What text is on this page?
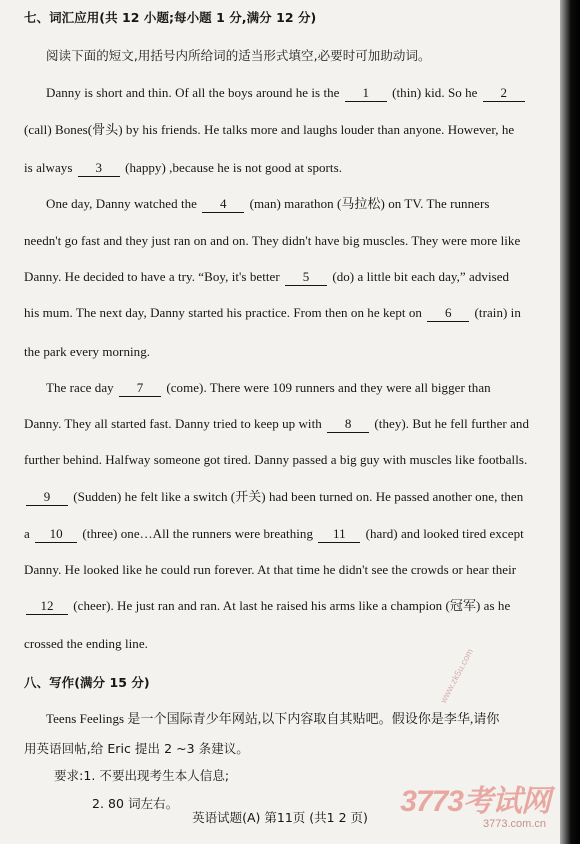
七、词汇应用(共 12 小题;每小题 1 分,满分 12 分)
阅读下面的短文,用括号内所给词的适当形式填空,必要时可加助动词。
Danny is short and thin. Of all the boys around he is the 1 (thin) kid. So he 2
(call) Bones(骨头) by his friends. He talks more and laughs louder than anyone. However, he
is always 3 (happy) ,because he is not good at sports.
One day, Danny watched the 4 (man) marathon (马拉松) on TV. The runners
needn't go fast and they just ran on and on. They didn't have big muscles. They were more like
Danny. He decided to have a try. “Boy, it's better 5 (do) a little bit each day,” advised
his mum. The next day, Danny started his practice. From then on he kept on 6 (train) in
the park every morning.
The race day 7 (come). There were 109 runners and they were all bigger than
Danny. They all started fast. Danny tried to keep up with 8 (they). But he fell further and
further behind. Halfway someone got tired. Danny passed a big guy with muscles like footballs.
9 (Sudden) he felt like a switch (开关) had been turned on. He passed another one, then
a 10 (three) one…All the runners were breathing 11 (hard) and looked tired except
Danny. He looked like he could run forever. At that time he didn't see the crowds or hear their
12 (cheer). He just ran and ran. At last he raised his arms like a champion (冠军) as he
crossed the ending line.
八、写作(满分 15 分)
Teens Feelings 是一个国际青少年网站,以下内容取自其贴吧。假设你是李华,请你
用英语回帖,给 Eric 提出 2 ~3 条建议。
要求:1. 不要出现考生本人信息;
2. 80 词左右。
英语试题(A) 第11页 (共1 2 页)
www.zk5u.com
3773考试网
3773.com.cn
